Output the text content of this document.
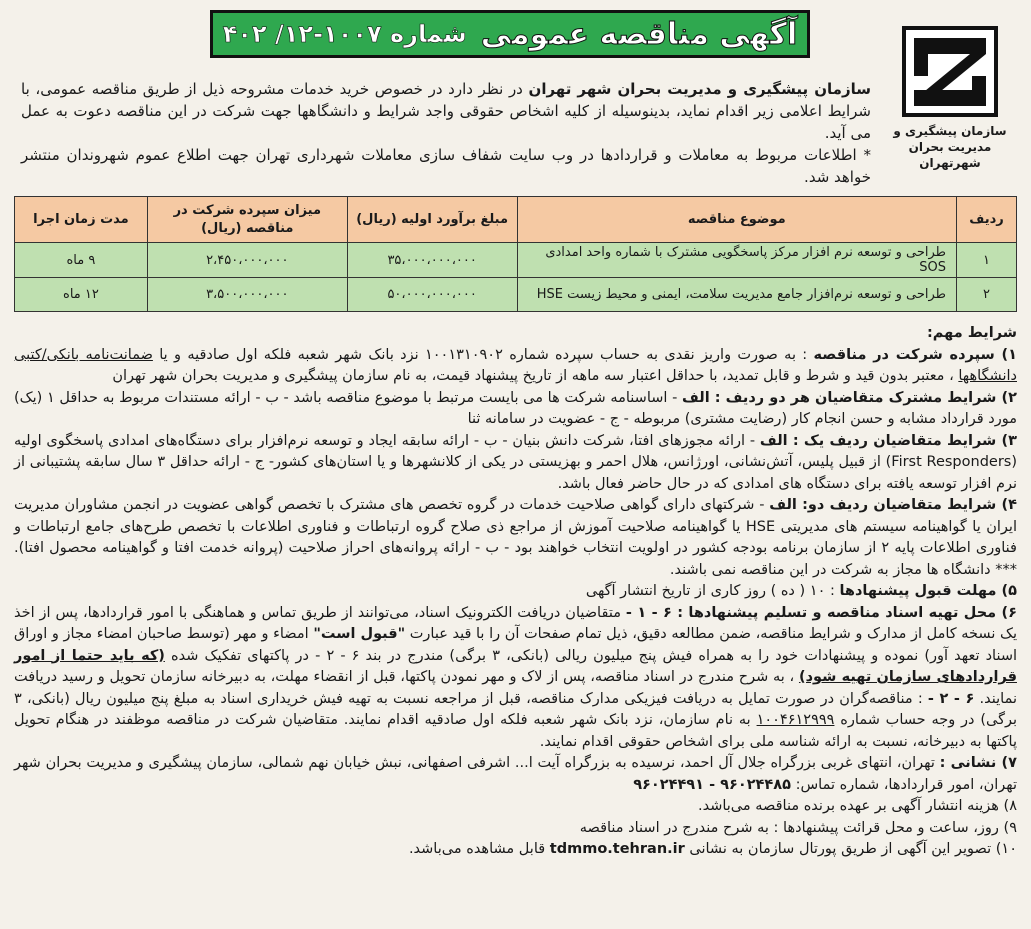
آگهی مناقصه عمومی
شماره ۱۰۰۷-۱۲/ ۴۰۲
سازمان پیشگیری و مدیریت بحران شهرتهران

سازمان پیشگیری و مدیریت بحران شهر تهران در نظر دارد در خصوص خرید خدمات مشروحه ذیل از طریق مناقصه عمومی، با شرایط اعلامی زیر اقدام نماید، بدینوسیله از کلیه اشخاص حقوقی واجد شرایط و دانشگاهها جهت شرکت در این مناقصه دعوت به عمل می آید.

* اطلاعات مربوط به معاملات و قراردادها در وب سایت شفاف سازی معاملات شهرداری تهران جهت اطلاع عموم شهروندان منتشر خواهد شد.

ردیف	موضوع مناقصه	مبلغ برآورد اولیه (ریال)	میزان سپرده شرکت در مناقصه (ریال)	مدت زمان اجرا
۱	طراحی و توسعه نرم افزار مرکز پاسخگویی مشترک با شماره واحد امدادی SOS	۳۵،۰۰۰،۰۰۰،۰۰۰	۲،۴۵۰،۰۰۰،۰۰۰	۹ ماه
۲	طراحی و توسعه نرم‌افزار جامع مدیریت سلامت، ایمنی و محیط زیست HSE	۵۰،۰۰۰،۰۰۰،۰۰۰	۳،۵۰۰،۰۰۰،۰۰۰	۱۲ ماه

شرایط مهم:

۱) سپرده شرکت در مناقصه : به صورت واریز نقدی به حساب سپرده شماره ۱۰۰۱۳۱۰۹۰۲ نزد بانک شهر شعبه فلکه اول صادقیه و یا ضمانت‌نامه بانکی/کتبی دانشگاهها ، معتبر بدون قید و شرط و قابل تمدید، با حداقل اعتبار سه ماهه از تاریخ پیشنهاد قیمت، به نام سازمان پیشگیری و مدیریت بحران شهر تهران

۲) شرایط مشترک متقاضیان هر دو ردیف : الف - اساسنامه شرکت ها می بایست مرتبط با موضوع مناقصه باشد - ب - ارائه مستندات مربوط به حداقل ۱ (یک) مورد قرارداد مشابه و حسن انجام کار (رضایت مشتری) مربوطه - ج - عضویت در سامانه ثنا

۳) شرایط متقاضیان ردیف یک : الف - ارائه مجوزهای افتا، شرکت دانش بنیان - ب - ارائه سابقه ایجاد و توسعه نرم‌افزار برای دستگاه‌های امدادی پاسخگوی اولیه (First Responders) از قبیل پلیس، آتش‌نشانی، اورژانس، هلال احمر و بهزیستی در یکی از کلانشهرها و یا استان‌های کشور- ج - ارائه حداقل ۳ سال سابقه پشتیبانی از نرم افزار توسعه یافته برای دستگاه های امدادی که در حال حاضر فعال باشد.

۴) شرایط متقاضیان ردیف دو: الف - شرکتهای دارای گواهی صلاحیت خدمات در گروه تخصص های مشترک با تخصص گواهی عضویت در انجمن مشاوران مدیریت ایران یا گواهینامه سیستم های مدیریتی HSE یا گواهینامه صلاحیت آموزش از مراجع ذی صلاح گروه ارتباطات و فناوری اطلاعات با تخصص طرح‌های جامع ارتباطات و فناوری اطلاعات پایه ۲ از سازمان برنامه بودجه کشور در اولویت انتخاب خواهند بود - ب - ارائه پروانه‌های احراز صلاحیت (پروانه خدمت افتا و گواهینامه محصول افتا). *** دانشگاه ها مجاز به شرکت در این مناقصه نمی باشند.

۵) مهلت قبول پیشنهادها : ۱۰ ( ده ) روز کاری از تاریخ انتشار آگهی

۶) محل تهیه اسناد مناقصه و تسلیم پیشنهادها : ۶ - ۱ - متقاضیان دریافت الکترونیک اسناد، می‌توانند از طریق تماس و هماهنگی با امور قراردادها، پس از اخذ یک نسخه کامل از مدارک و شرایط مناقصه، ضمن مطالعه دقیق، ذیل تمام صفحات آن را با قید عبارت "قبول است" امضاء و مهر (توسط صاحبان امضاء مجاز و اوراق اسناد تعهد آور) نموده و پیشنهادات خود را به همراه فیش پنج میلیون ریالی (بانکی، ۳ برگی) مندرج در بند ۶ - ۲ - در پاکتهای تفکیک شده (که باید حتما از امور قراردادهای سازمان تهیه شود) ، به شرح مندرج در اسناد مناقصه، پس از لاک و مهر نمودن پاکتها، قبل از انقضاء مهلت، به دبیرخانه سازمان تحویل و رسید دریافت نمایند. ۶ - ۲ - : مناقصه‌گران در صورت تمایل به دریافت فیزیکی مدارک مناقصه، قبل از مراجعه نسبت به تهیه فیش خریداری اسناد به مبلغ پنج میلیون ریال (بانکی، ۳ برگی) در وجه حساب شماره ۱۰۰۴۶۱۲۹۹۹ به نام سازمان، نزد بانک شهر شعبه فلکه اول صادقیه اقدام نمایند. متقاضیان شرکت در مناقصه موظفند در هنگام تحویل پاکتها به دبیرخانه، نسبت به ارائه شناسه ملی برای اشخاص حقوقی اقدام نمایند.

۷) نشانی : تهران، انتهای غربی بزرگراه جلال آل احمد، نرسیده به بزرگراه آیت ا... اشرفی اصفهانی، نبش خیابان نهم شمالی، سازمان پیشگیری و مدیریت بحران شهر تهران، امور قراردادها، شماره تماس: ۹۶۰۲۴۴۸۵ - ۹۶۰۲۴۴۹۱

۸) هزینه انتشار آگهی بر عهده برنده مناقصه می‌باشد.

۹) روز، ساعت و محل قرائت پیشنهادها : به شرح مندرج در اسناد مناقصه

۱۰) تصویر این آگهی از طریق پورتال سازمان به نشانی tdmmo.tehran.ir قابل مشاهده می‌باشد.
